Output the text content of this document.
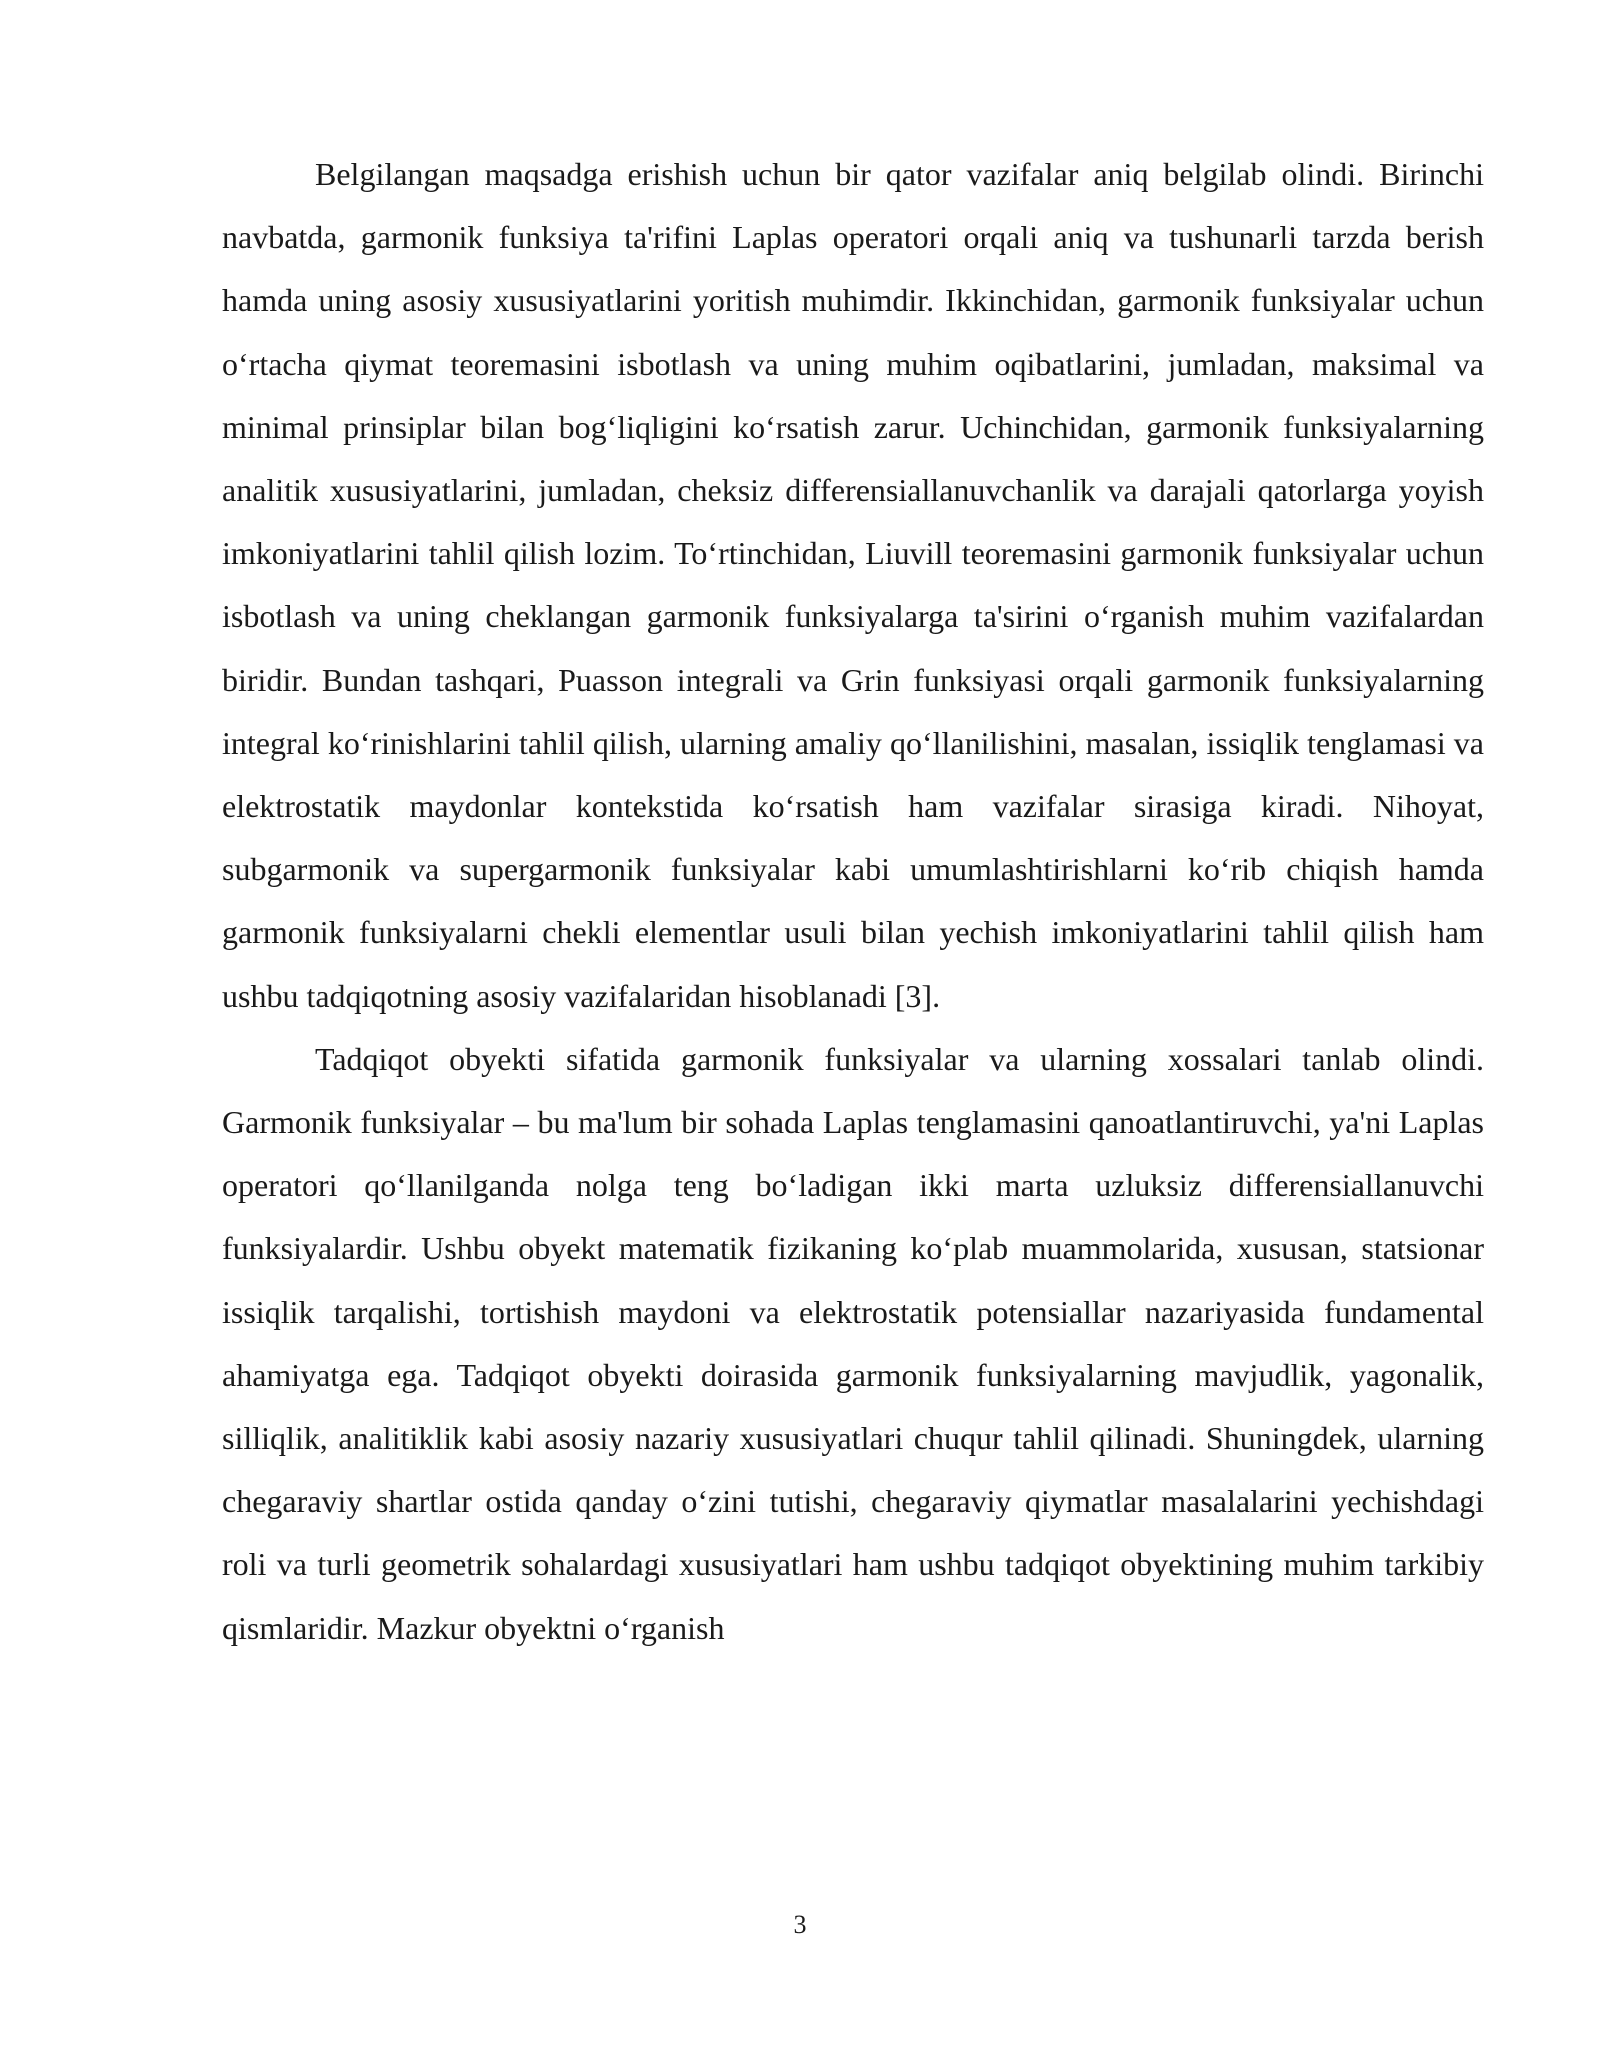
Belgilangan maqsadga erishish uchun bir qator vazifalar aniq belgilab olindi. Birinchi navbatda, garmonik funksiya ta'rifini Laplas operatori orqali aniq va tushunarli tarzda berish hamda uning asosiy xususiyatlarini yoritish muhimdir. Ikkinchidan, garmonik funksiyalar uchun o‘rtacha qiymat teoremasini isbotlash va uning muhim oqibatlarini, jumladan, maksimal va minimal prinsiplar bilan bog‘liqligini ko‘rsatish zarur. Uchinchidan, garmonik funksiyalarning analitik xususiyatlarini, jumladan, cheksiz differensiallanuvchanlik va darajali qatorlarga yoyish imkoniyatlarini tahlil qilish lozim. To‘rtinchidan, Liuvill teoremasini garmonik funksiyalar uchun isbotlash va uning cheklangan garmonik funksiyalarga ta'sirini o‘rganish muhim vazifalardan biridir. Bundan tashqari, Puasson integrali va Grin funksiyasi orqali garmonik funksiyalarning integral ko‘rinishlarini tahlil qilish, ularning amaliy qo‘llanilishini, masalan, issiqlik tenglamasi va elektrostatik maydonlar kontekstida ko‘rsatish ham vazifalar sirasiga kiradi. Nihoyat, subgarmonik va supergarmonik funksiyalar kabi umumlashtirishlarni ko‘rib chiqish hamda garmonik funksiyalarni chekli elementlar usuli bilan yechish imkoniyatlarini tahlil qilish ham ushbu tadqiqotning asosiy vazifalaridan hisoblanadi [3].

Tadqiqot obyekti sifatida garmonik funksiyalar va ularning xossalari tanlab olindi. Garmonik funksiyalar – bu ma'lum bir sohada Laplas tenglamasini qanoatlantiruvchi, ya'ni Laplas operatori qo‘llanilganda nolga teng bo‘ladigan ikki marta uzluksiz differensiallanuvchi funksiyalardir. Ushbu obyekt matematik fizikaning ko‘plab muammolarida, xususan, statsionar issiqlik tarqalishi, tortishish maydoni va elektrostatik potensiallar nazariyasida fundamental ahamiyatga ega. Tadqiqot obyekti doirasida garmonik funksiyalarning mavjudlik, yagonalik, silliqlik, analitiklik kabi asosiy nazariy xususiyatlari chuqur tahlil qilinadi. Shuningdek, ularning chegaraviy shartlar ostida qanday o‘zini tutishi, chegaraviy qiymatlar masalalarini yechishdagi roli va turli geometrik sohalardagi xususiyatlari ham ushbu tadqiqot obyektining muhim tarkibiy qismlaridir. Mazkur obyektni o‘rganish

3
